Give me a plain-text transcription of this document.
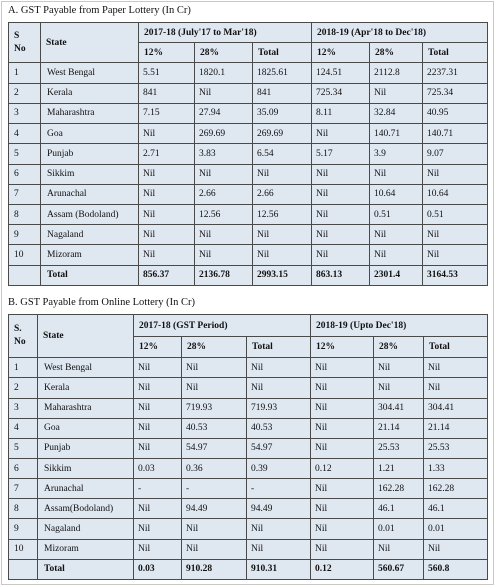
A. GST Payable from Paper Lottery (In Cr)
S
No	State	2017-18 (July'17 to Mar'18)			2018-19 (Apr'18 to Dec'18)		
		12%	28%	Total	12%	28%	Total
1	West Bengal	5.51	1820.1	1825.61	124.51	2112.8	2237.31
2	Kerala	841	Nil	841	725.34	Nil	725.34
3	Maharashtra	7.15	27.94	35.09	8.11	32.84	40.95
4	Goa	Nil	269.69	269.69	Nil	140.71	140.71
5	Punjab	2.71	3.83	6.54	5.17	3.9	9.07
6	Sikkim	Nil	Nil	Nil	Nil	Nil	Nil
7	Arunachal	Nil	2.66	2.66	Nil	10.64	10.64
8	Assam (Bodoland)	Nil	12.56	12.56	Nil	0.51	0.51
9	Nagaland	Nil	Nil	Nil	Nil	Nil	Nil
10	Mizoram	Nil	Nil	Nil	Nil	Nil	Nil
	Total	856.37	2136.78	2993.15	863.13	2301.4	3164.53
B. GST Payable from Online Lottery (In Cr)
S.
No	State	2017-18 (GST Period)			2018-19 (Upto Dec'18)		
		12%	28%	Total	12%	28%	Total
1	West Bengal	Nil	Nil	Nil	Nil	Nil	Nil
2	Kerala	Nil	Nil	Nil	Nil	Nil	Nil
3	Maharashtra	Nil	719.93	719.93	Nil	304.41	304.41
4	Goa	Nil	40.53	40.53	Nil	21.14	21.14
5	Punjab	Nil	54.97	54.97	Nil	25.53	25.53
6	Sikkim	0.03	0.36	0.39	0.12	1.21	1.33
7	Arunachal	-	-	-	Nil	162.28	162.28
8	Assam(Bodoland)	Nil	94.49	94.49	Nil	46.1	46.1
9	Nagaland	Nil	Nil	Nil	Nil	0.01	0.01
10	Mizoram	Nil	Nil	Nil	Nil	Nil	Nil
	Total	0.03	910.28	910.31	0.12	560.67	560.8
